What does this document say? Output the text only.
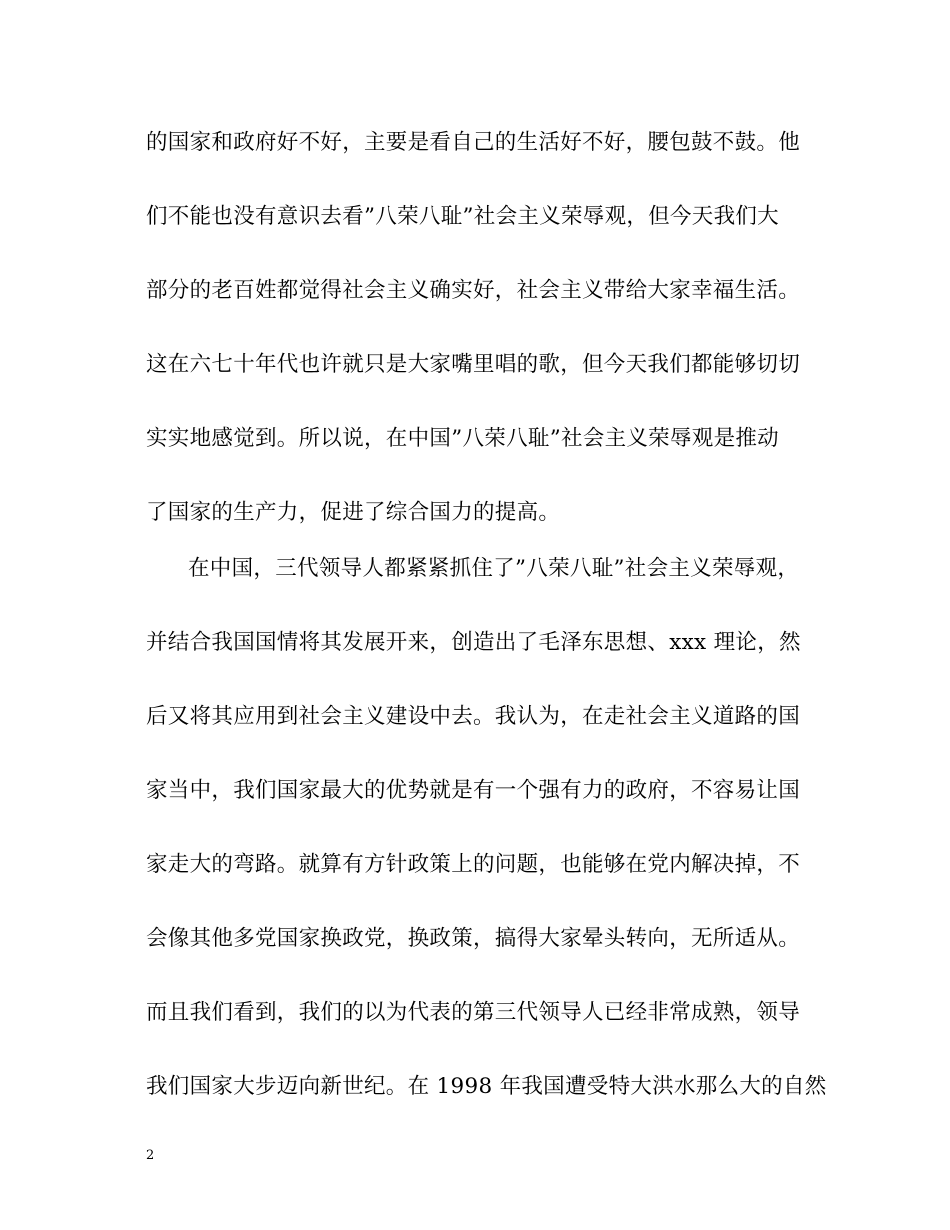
的国家和政府好不好，主要是看自己的生活好不好，腰包鼓不鼓。他
们不能也没有意识去看”八荣八耻”社会主义荣辱观，但今天我们大
部分的老百姓都觉得社会主义确实好，社会主义带给大家幸福生活。
这在六七十年代也许就只是大家嘴里唱的歌，但今天我们都能够切切
实实地感觉到。所以说，在中国”八荣八耻”社会主义荣辱观是推动
了国家的生产力，促进了综合国力的提高。
在中国，三代领导人都紧紧抓住了”八荣八耻”社会主义荣辱观，
并结合我国国情将其发展开来，创造出了毛泽东思想、xxx 理论，然
后又将其应用到社会主义建设中去。我认为，在走社会主义道路的国
家当中，我们国家最大的优势就是有一个强有力的政府，不容易让国
家走大的弯路。就算有方针政策上的问题，也能够在党内解决掉，不
会像其他多党国家换政党，换政策，搞得大家晕头转向，无所适从。
而且我们看到，我们的以为代表的第三代领导人已经非常成熟，领导
我们国家大步迈向新世纪。在 1998 年我国遭受特大洪水那么大的自然
2
